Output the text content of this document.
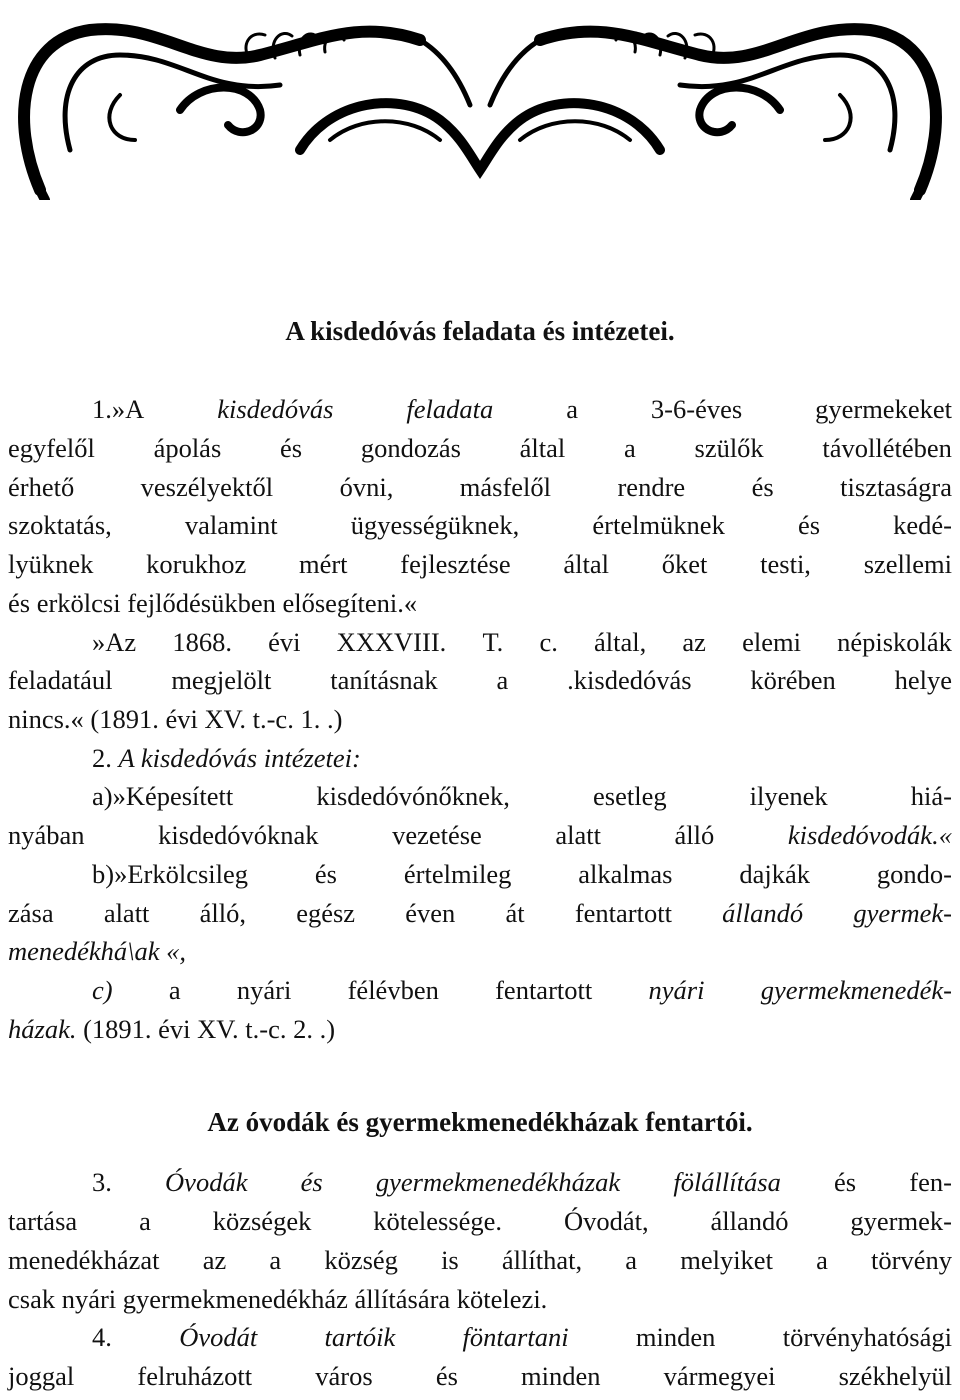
A kisdedóvás feladata és intézetei.
1.»A	kisdedóvás	feladata	a	3-6-éves	gyermekeket
egyfelől ápolás és gondozás által a szülők távollétében
érhető	veszélyektől	óvni,	másfelől	rendre	és	tisztaságra
szoktatás,	valamint	ügyességüknek,	értelmüknek	és	kedé-
lyüknek korukhoz mért fejlesztése által őket testi, szellemi
és erkölcsi fejlődésükben elősegíteni.«
»Az 1868. évi XXXVIII. T. c. által, az elemi népiskolák
feladatául megjelölt tanításnak a .kisdedóvás körében helye
nincs.« (1891. évi XV. t.-c. 1. .)
2.
A kisdedóvás intézetei:
a)»Képesített	kisdedóvónőknek,	esetleg	ilyenek	hiá-
nyában	kisdedóvóknak	vezetése	alatt	álló	kisdedóvodák.«
b)»Erkölcsileg	és	értelmileg	alkalmas	dajkák	gondo-
zása alatt álló, egész éven át fentartott állandó gyermek-
menedékhá\ak «,
c) a nyári félévben fentartott nyári gyermekmenedék-
házak. (1891. évi XV. t.-c. 2. .)
Az óvodák és gyermekmenedékházak fentartói.
3. Óvodák és gyermekmenedékházak fölállítása és fen-
tartása a községek kötelessége. Óvodát, állandó gyermek-
menedékházat az a község is állíthat, a melyiket a törvény
csak nyári gyermekmenedékház állítására kötelezi.
4.	Óvodát	tartóik	föntartani	minden	törvényhatósági
joggal felruházott város és minden vármegyei székhelyül
